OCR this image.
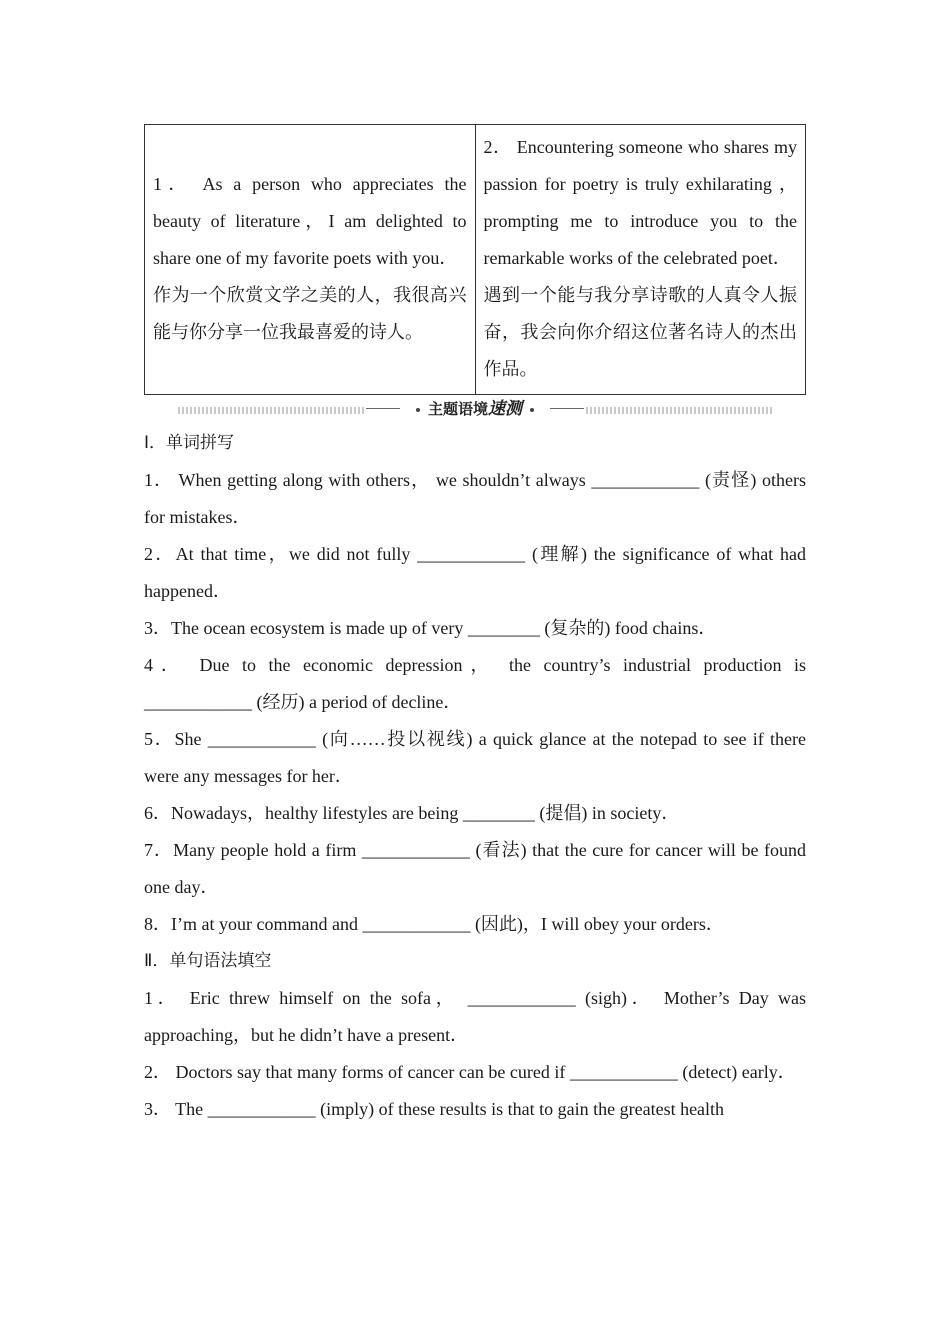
1． As a person who appreciates the beauty of literature，I am delighted to share one of my favorite poets with you．
作为一个欣赏文学之美的人，我很高兴能与你分享一位我最喜爱的诗人。
	2． Encountering someone who shares my passion for poetry is truly exhilarating ， prompting me to introduce you to the remarkable works of the celebrated poet．
遇到一个能与我分享诗歌的人真令人振奋，我会向你介绍这位著名诗人的杰出作品。
主题语境速测

Ⅰ．单词拼写

1． When getting along with others， we shouldn’t always ____________ (责怪) others for mistakes．

2．At that time，we did not fully ____________ (理解) the significance of what had happened．

3．The ocean ecosystem is made up of very ________ (复杂的) food chains．

4． Due to the economic depression， the country’s industrial production is ____________ (经历) a period of decline．

5．She ____________ (向……投以视线) a quick glance at the notepad to see if there were any messages for her．

6．Nowadays，healthy lifestyles are being ________ (提倡) in society．

7．Many people hold a firm ____________ (看法) that the cure for cancer will be found one day．

8．I’m at your command and ____________ (因此)，I will obey your orders．

Ⅱ．单句语法填空

1． Eric threw himself on the sofa， ____________ (sigh)． Mother’s Day was approaching，but he didn’t have a present．

2． Doctors say that many forms of cancer can be cured if ____________ (detect) early．

3． The ____________ (imply) of these results is that to gain the greatest health
